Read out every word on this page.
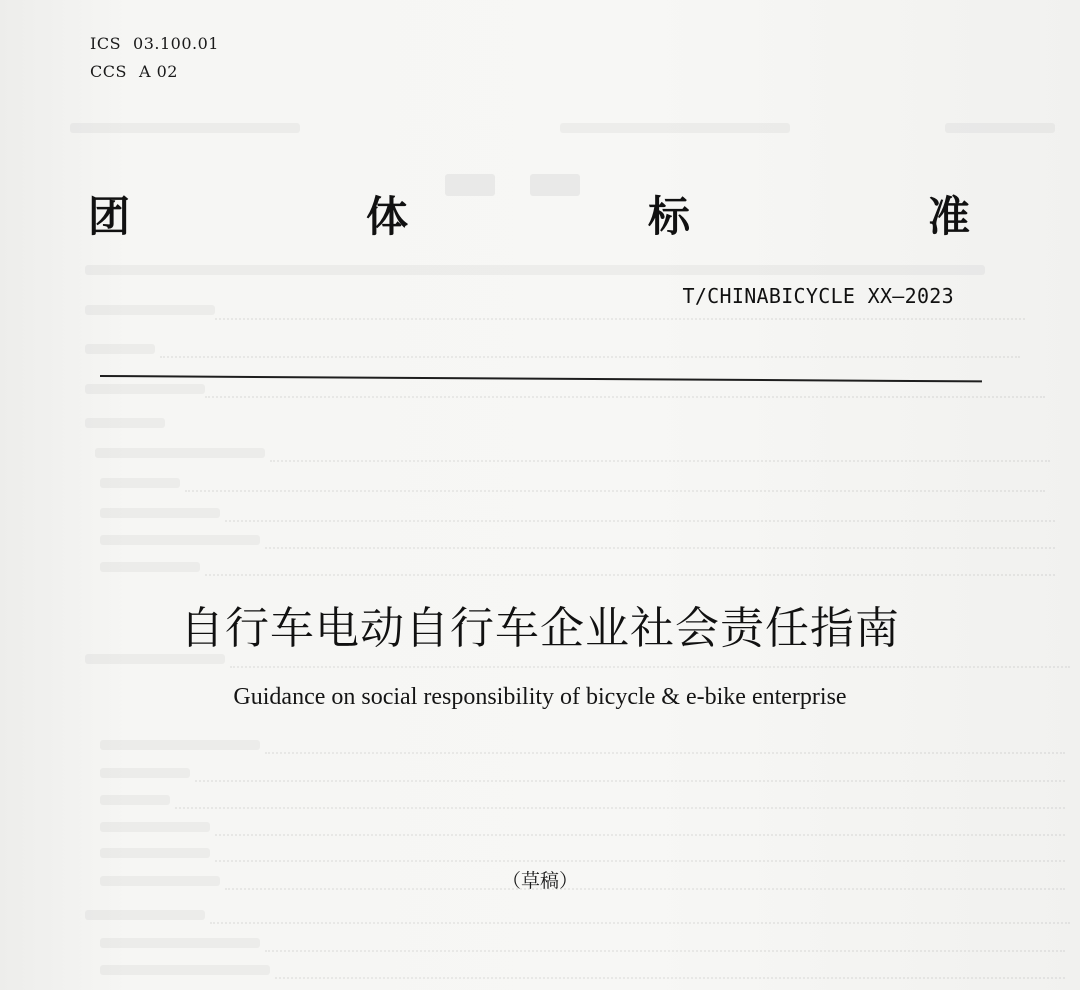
ICS 03.100.01
CCS A 02
团	体	标	准
T/CHINABICYCLE XX—2023
自行车电动自行车企业社会责任指南
Guidance on social responsibility of bicycle & e-bike enterprise
（草稿）
